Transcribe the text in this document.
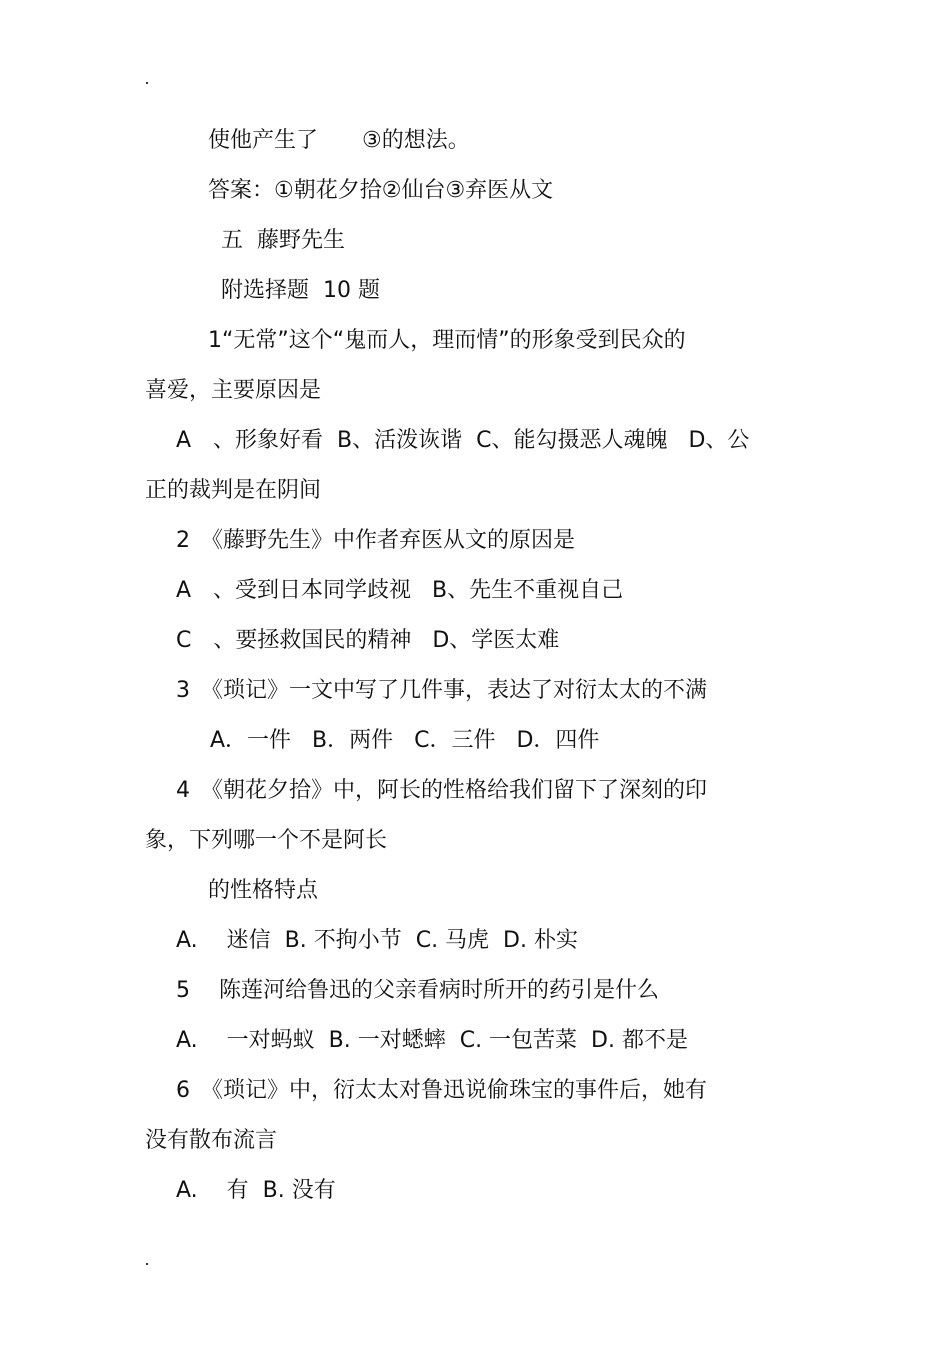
使他产生了　　③的想法。
答案：①朝花夕拾②仙台③弃医从文
五  藤野先生
附选择题  10 题
1“无常”这个“鬼而人，理而情”的形象受到民众的
喜爱，主要原因是
A　、形象好看  B、活泼诙谐  C、能勾摄恶人魂魄   D、公
正的裁判是在阴间
2　《藤野先生》中作者弃医从文的原因是
A　、受到日本同学歧视   B、先生不重视自己
C　、要拯救国民的精神   D、学医太难
3　《琐记》一文中写了几件事，表达了对衍太太的不满
A．一件   B．两件   C．三件   D．四件
4　《朝花夕拾》中，阿长的性格给我们留下了深刻的印
象，下列哪一个不是阿长
的性格特点
A.　 迷信  B. 不拘小节  C. 马虎  D. 朴实
5　 陈莲河给鲁迅的父亲看病时所开的药引是什么
A.　 一对蚂蚁  B. 一对蟋蟀  C. 一包苦菜  D. 都不是
6　《琐记》中，衍太太对鲁迅说偷珠宝的事件后，她有
没有散布流言
A.　 有  B. 没有
